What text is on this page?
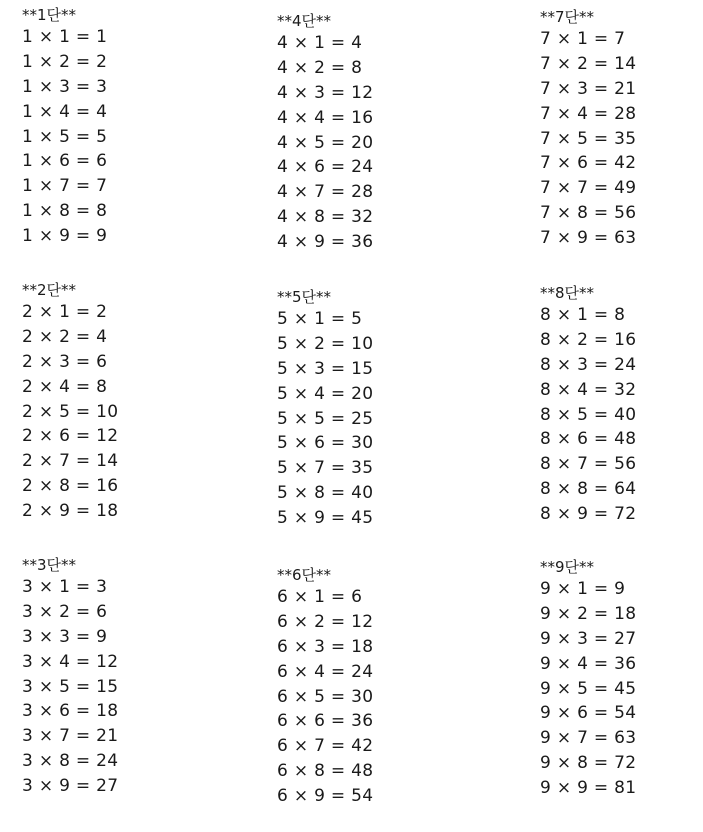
**1단**
1 × 1 = 1
1 × 2 = 2
1 × 3 = 3
1 × 4 = 4
1 × 5 = 5
1 × 6 = 6
1 × 7 = 7
1 × 8 = 8
1 × 9 = 9
**2단**
2 × 1 = 2
2 × 2 = 4
2 × 3 = 6
2 × 4 = 8
2 × 5 = 10
2 × 6 = 12
2 × 7 = 14
2 × 8 = 16
2 × 9 = 18
**3단**
3 × 1 = 3
3 × 2 = 6
3 × 3 = 9
3 × 4 = 12
3 × 5 = 15
3 × 6 = 18
3 × 7 = 21
3 × 8 = 24
3 × 9 = 27
**4단**
4 × 1 = 4
4 × 2 = 8
4 × 3 = 12
4 × 4 = 16
4 × 5 = 20
4 × 6 = 24
4 × 7 = 28
4 × 8 = 32
4 × 9 = 36
**5단**
5 × 1 = 5
5 × 2 = 10
5 × 3 = 15
5 × 4 = 20
5 × 5 = 25
5 × 6 = 30
5 × 7 = 35
5 × 8 = 40
5 × 9 = 45
**6단**
6 × 1 = 6
6 × 2 = 12
6 × 3 = 18
6 × 4 = 24
6 × 5 = 30
6 × 6 = 36
6 × 7 = 42
6 × 8 = 48
6 × 9 = 54
**7단**
7 × 1 = 7
7 × 2 = 14
7 × 3 = 21
7 × 4 = 28
7 × 5 = 35
7 × 6 = 42
7 × 7 = 49
7 × 8 = 56
7 × 9 = 63
**8단**
8 × 1 = 8
8 × 2 = 16
8 × 3 = 24
8 × 4 = 32
8 × 5 = 40
8 × 6 = 48
8 × 7 = 56
8 × 8 = 64
8 × 9 = 72
**9단**
9 × 1 = 9
9 × 2 = 18
9 × 3 = 27
9 × 4 = 36
9 × 5 = 45
9 × 6 = 54
9 × 7 = 63
9 × 8 = 72
9 × 9 = 81
